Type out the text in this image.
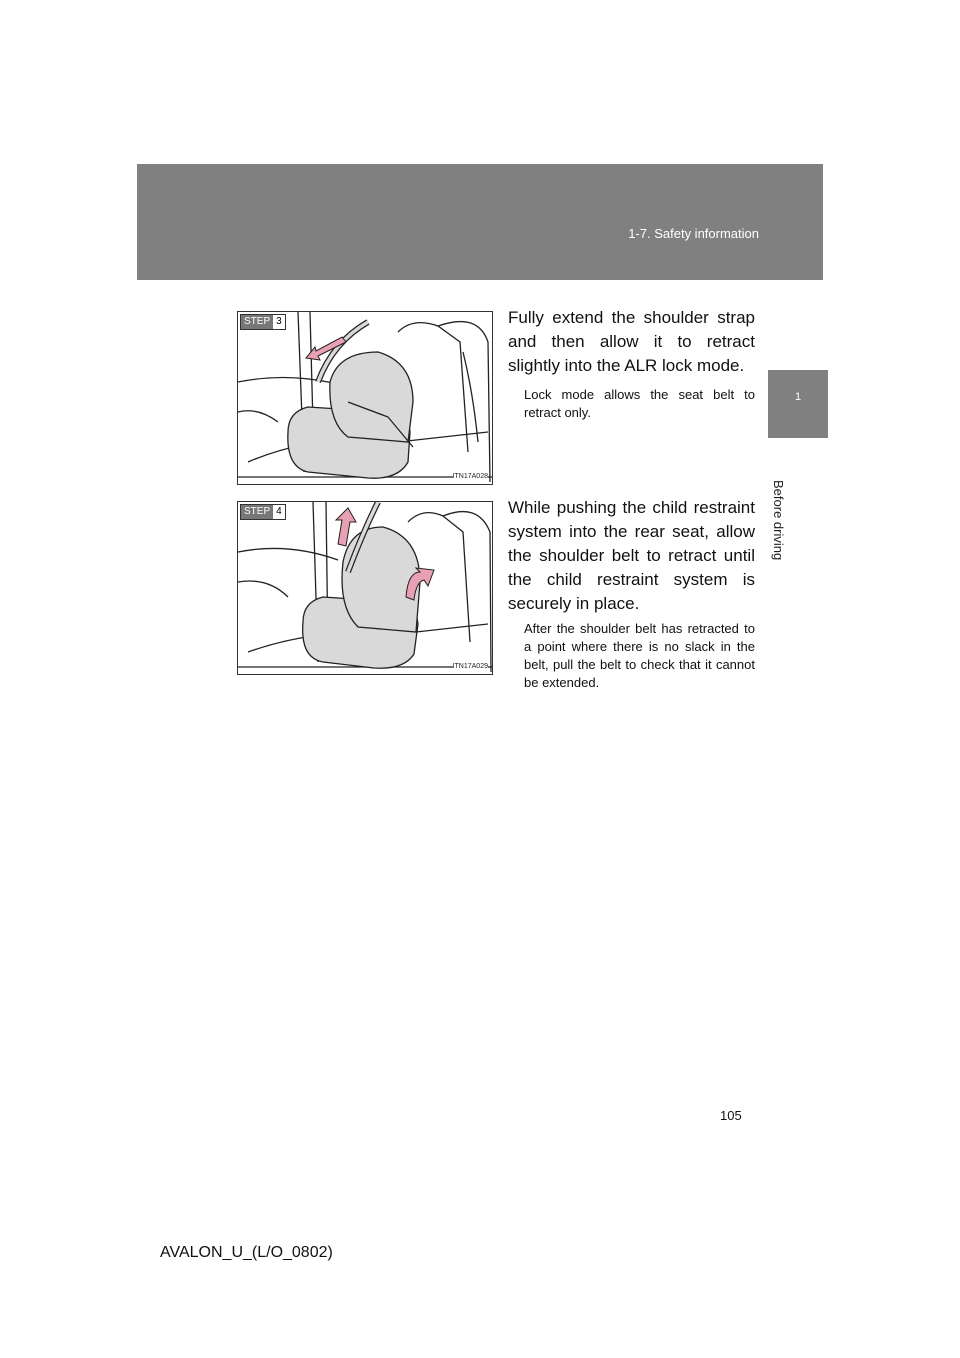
1-7. Safety information
1
Before driving
STEP 3
ITN17A028
Fully extend the shoulder strap and then allow it to retract slightly into the ALR lock mode.
Lock mode allows the seat belt to retract only.
STEP 4
ITN17A029
While pushing the child restraint system into the rear seat, allow the shoulder belt to retract until the child restraint system is securely in place.
After the shoulder belt has retracted to a point where there is no slack in the belt, pull the belt to check that it cannot be extended.
105
AVALON_U_(L/O_0802)
